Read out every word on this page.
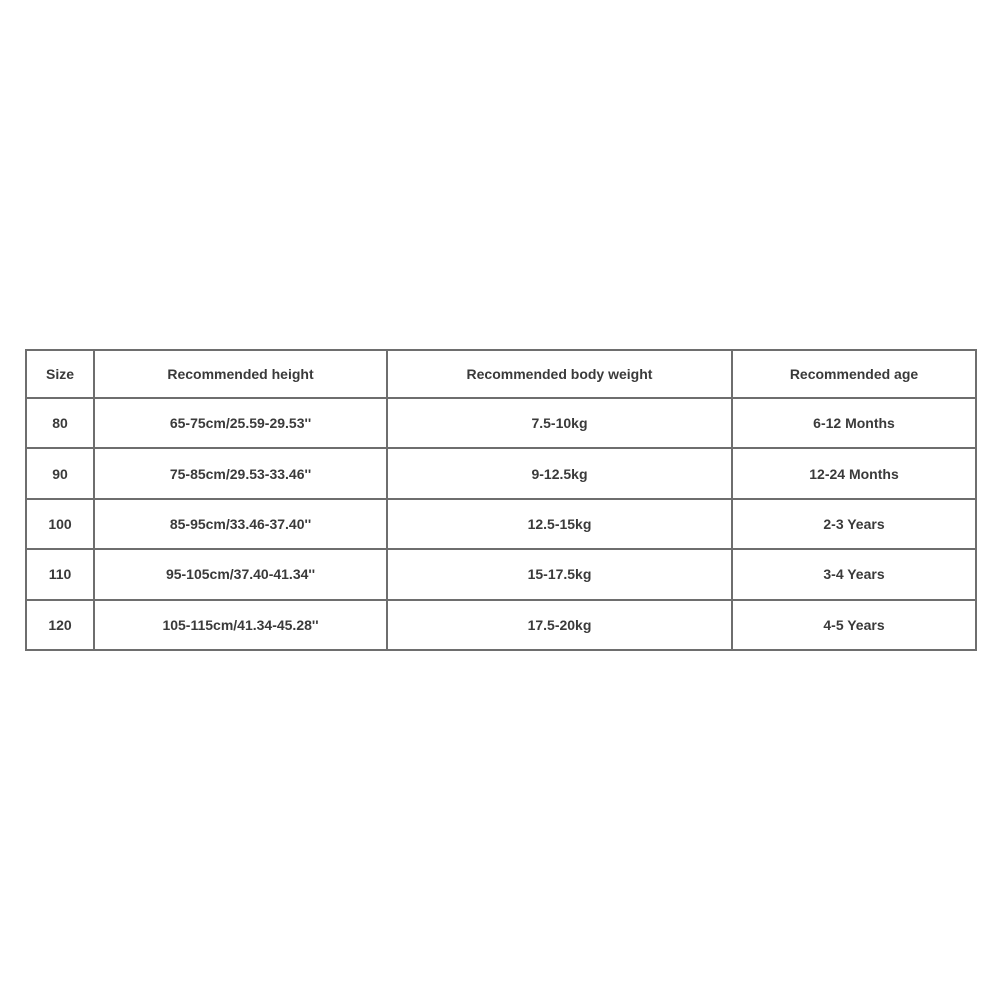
Size	Recommended height	Recommended body weight	Recommended age
80	65-75cm/25.59-29.53''	7.5-10kg	6-12 Months
90	75-85cm/29.53-33.46''	9-12.5kg	12-24 Months
100	85-95cm/33.46-37.40''	12.5-15kg	2-3 Years
110	95-105cm/37.40-41.34''	15-17.5kg	3-4 Years
120	105-115cm/41.34-45.28''	17.5-20kg	4-5 Years
